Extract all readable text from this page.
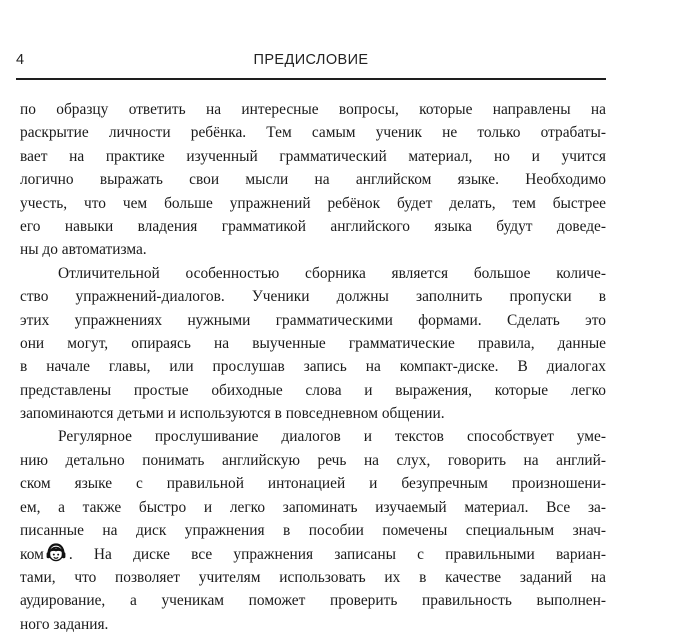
4	ПРЕДИСЛОВИЕ
по образцу ответить на интересные вопросы, которые направлены на
раскрытие личности ребёнка. Тем самым ученик не только отрабаты-
вает на практике изученный грамматический материал, но и учится
логично выражать свои мысли на английском языке. Необходимо
учесть, что чем больше упражнений ребёнок будет делать, тем быстрее
его навыки владения грамматикой английского языка будут доведе-
ны до автоматизма.
Отличительной особенностью сборника является большое количе-
ство упражнений-диалогов. Ученики должны заполнить пропуски в
этих упражнениях нужными грамматическими формами. Сделать это
они могут, опираясь на выученные грамматические правила, данные
в начале главы, или прослушав запись на компакт-диске. В диалогах
представлены простые обиходные слова и выражения, которые легко
запоминаются детьми и используются в повседневном общении.
Регулярное прослушивание диалогов и текстов способствует уме-
нию детально понимать английскую речь на слух, говорить на англий-
ском языке с правильной интонацией и безупречным произношени-
ем, а также быстро и легко запоминать изучаемый материал. Все за-
писанные на диск упражнения в пособии помечены специальным знач-
ком . На диске все упражнения записаны с правильными вариан-
тами, что позволяет учителям использовать их в качестве заданий на
аудирование, а ученикам поможет проверить правильность выполнен-
ного задания.
